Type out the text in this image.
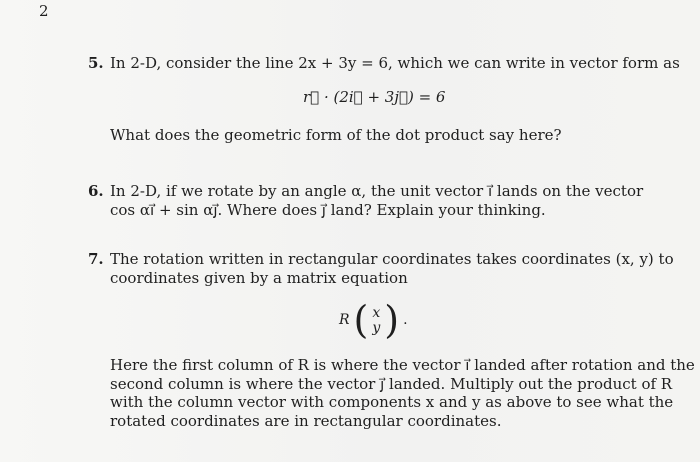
2
5. In 2-D, consider the line 2x + 3y = 6, which we can write in vector form as

r⃗ · (2i⃗ + 3j⃗) = 6

What does the geometric form of the dot product say here?

6. In 2-D, if we rotate by an angle α, the unit vector i⃗ lands on the vector

cos αi⃗ + sin αj⃗. Where does j⃗ land? Explain your thinking.

7. The rotation written in rectangular coordinates takes coordinates (x, y) to

coordinates given by a matrix equation

R ( x
y ) .

Here the first column of R is where the vector i⃗ landed after rotation and the

second column is where the vector j⃗ landed. Multiply out the product of R

with the column vector with components x and y as above to see what the

rotated coordinates are in rectangular coordinates.
